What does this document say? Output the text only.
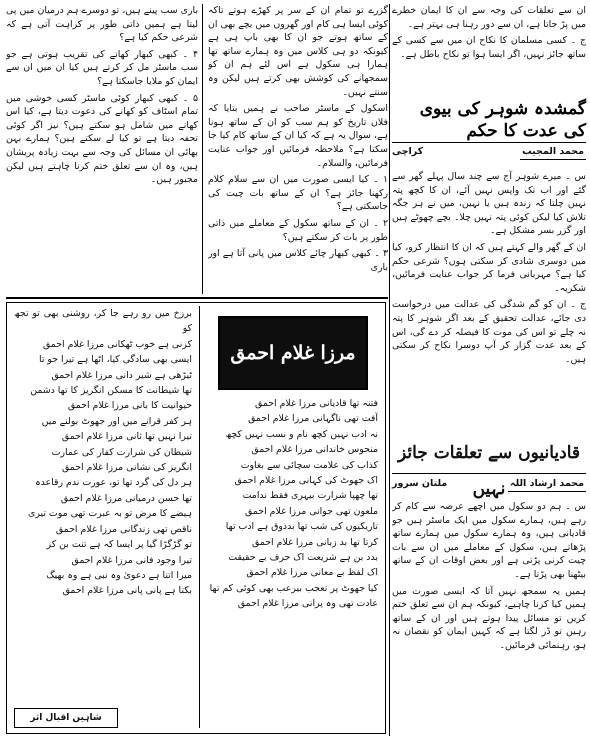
باری سب پینے ہیں، تو دوسرے ہم درمیان میں پی لیتا ہے ہمیں ذاتی طور پر کراہت آتی ہے کہ شرعی حکم کیا ہے؟

۴ ۔ کبھی کبھار کھانے کی تقریب ہوتی ہے جو سب ماسٹر مل کر کرتے ہیں کیا ان میں ان سے ایمان کو ملایا جاسکتا ہے؟

۵ ۔ کبھی کبھار کوئی ماسٹر کسی خوشی میں تمام اسٹاف کو کھانے کی دعوت دیتا ہے، کیا اس کھانے میں شامل ہو سکتے ہیں؟ نیز اگر کوئی تحفہ دیتا ہے تو کیا لے سکتے ہیں؟ ہمارے بہن بھائی ان مسائل کی وجہ سے بہت زیادہ پریشان ہیں، وہ ان سے تعلق ختم کرنا چاہتے ہیں لیکن مجبور ہیں۔

گزرے تو تمام ان کے سر پر کھڑے ہوتے تاکہ کوئی ایسا ہی کام اور گھروں میں بچے بھی ان کے ساتھ ہوتے جو ان کا بھی باپ ہی ہے کیونکہ دو ہی کلاس میں وہ ہمارے ساتھ تھا ہمارا ہی سکول ہے اس لئے ہم ان کو سمجھانے کی کوشش بھی کرتے ہیں لیکن وہ سنتے نہیں۔

اسکول کے ماسٹر صاحب نے ہمیں بتایا کہ فلاں تاریخ کو ہم سب کو ان کے ساتھ ہونا ہے، سوال یہ ہے کہ کیا ان کے ساتھ کام کیا جا سکتا ہے؟ ملاحظہ فرمائیں اور جواب عنایت فرمائیں، والسلام۔

۱ ۔ کیا ایسی صورت میں ان سے سلام کلام رکھنا جائز ہے؟ ان کے ساتھ بات چیت کی جاسکتی ہے؟

۲ ۔ ان کے ساتھ سکول کے معاملے میں ذاتی طور پر بات کر سکتے ہیں؟

۳ ۔ کبھی کبھار چائے کلاس میں پانی آتا ہے اور باری

ان سے تعلقات کی وجہ سے ان کا ایمان خطرے میں پڑ جاتا ہے، ان سے دور رہنا ہی بہتر ہے۔

ج ۔ کسی مسلمان کا نکاح ان میں سے کسی کے ساتھ جائز نہیں، اگر ایسا ہوا تو نکاح باطل ہے۔

گمشدہ شوہر کی بیوی کی عدت کا حکم
محمد المجیب
کراچی

س ۔ میرے شوہر آج سے چند سال پہلے گھر سے گئے اور اب تک واپس نہیں آئے، ان کا کچھ پتہ نہیں چلتا کہ زندہ ہیں یا نہیں، میں نے ہر جگہ تلاش کیا لیکن کوئی پتہ نہیں چلا۔ بچے چھوٹے ہیں اور گزر بسر مشکل ہے۔

ان کے گھر والے کہتے ہیں کہ ان کا انتظار کرو، کیا میں دوسری شادی کر سکتی ہوں؟ شرعی حکم کیا ہے؟ مہربانی فرما کر جواب عنایت فرمائیں، شکریہ۔

ج ۔ ان کو گم شدگی کی عدالت میں درخواست دی جائے، عدالت تحقیق کے بعد اگر شوہر کا پتہ نہ چلے تو اس کی موت کا فیصلہ کر دے گی، اس کے بعد عدت گزار کر آپ دوسرا نکاح کر سکتی ہیں۔

قادیانیوں سے تعلقات جائز نہیں محمد ارشاد اللہ
ملتان سرور

س ۔ ہم دو سکول میں اچھے عرصہ سے کام کر رہے ہیں، ہمارے سکول میں ایک ماسٹر ہیں جو قادیانی ہیں، وہ ہمارے سکول میں ہمارے ساتھ پڑھاتے ہیں، سکول کے معاملے میں ان سے بات چیت کرنی پڑتی ہے اور بعض اوقات ان کے ساتھ بیٹھنا بھی پڑتا ہے۔

ہمیں یہ سمجھ نہیں آتا کہ ایسی صورت میں ہمیں کیا کرنا چاہیے، کیونکہ ہم ان سے تعلق ختم کریں تو مسائل پیدا ہوتے ہیں اور ان کے ساتھ رہیں تو ڈر لگتا ہے کہ کہیں ایمان کو نقصان نہ ہو، رہنمائی فرمائیں۔

مرزا غلام احمق
برزخ میں رو رہے جا کر، روشنی بھی تو تجھ کو
کرنی ہے خوب ٹھکانی مرزا غلام احمق
ایسی بھی سادگی کیا، اٹھا ہے تیرا جو تا
ٹیڑھی ہے شیر دانی مرزا غلام احمق
تھا شیطانت کا مسکن انگریز کا تھا دشمن
حیوانیت کا بانی مرزا غلام احمق
ہر کفر قرانے میں اور جھوٹ بولنے میں
تیرا نہیں تھا ثانی مرزا غلام احمق
شیطان کی شرارت کفار کی عمارت
انگریز کی نشانی مرزا غلام احمق
ہر دل کی گرد تھا تو، عورت ندم رقاعدہ
تھا حسن درمیانی مرزا غلام احمق
ہیضے کا مرض تو بہ عبرت تھی موت تیری
ناقص تھی زندگانی مرزا غلام احمق
تو گڑگڑا گیا پر ایسا کہ ہے تنت بن کر
تیرا وجود فانی مرزا غلام احمق
میرا اتنا ہے دعویٰ وہ نبی ہے وہ بھیگ
بکتا ہے پانی پانی مرزا غلام احمق
فتنہ تھا قادیانی مرزا غلام احمق
آفت تھی ناگہانی مرزا غلام احمق
نہ ادب نہیں کچھ نام و نسب نہیں کچھ
منحوس خاندانی مرزا غلام احمق
کذاب کی علامت سچائی سے بغاوت
اک جھوٹ کی کہانی مرزا غلام احمق
تھا چھپا شرارت بیہری فقط ندامت
ملعون تھی جوانی مرزا غلام احمق
تاریکیوں کی شب تھا بدذوق ہے ادب تھا
کرتا تھا بد زبانی مرزا غلام احمق
بدد بن ہے شریعت اک حرف بے حقیقت
اک لفظ بے معانی مرزا غلام احمق
کیا جھوٹ پر تعجب بیرعب بھی کوئی کم تھا
عادت تھی وہ پرانی مرزا غلام احمق
شاہین اقبال اثر
